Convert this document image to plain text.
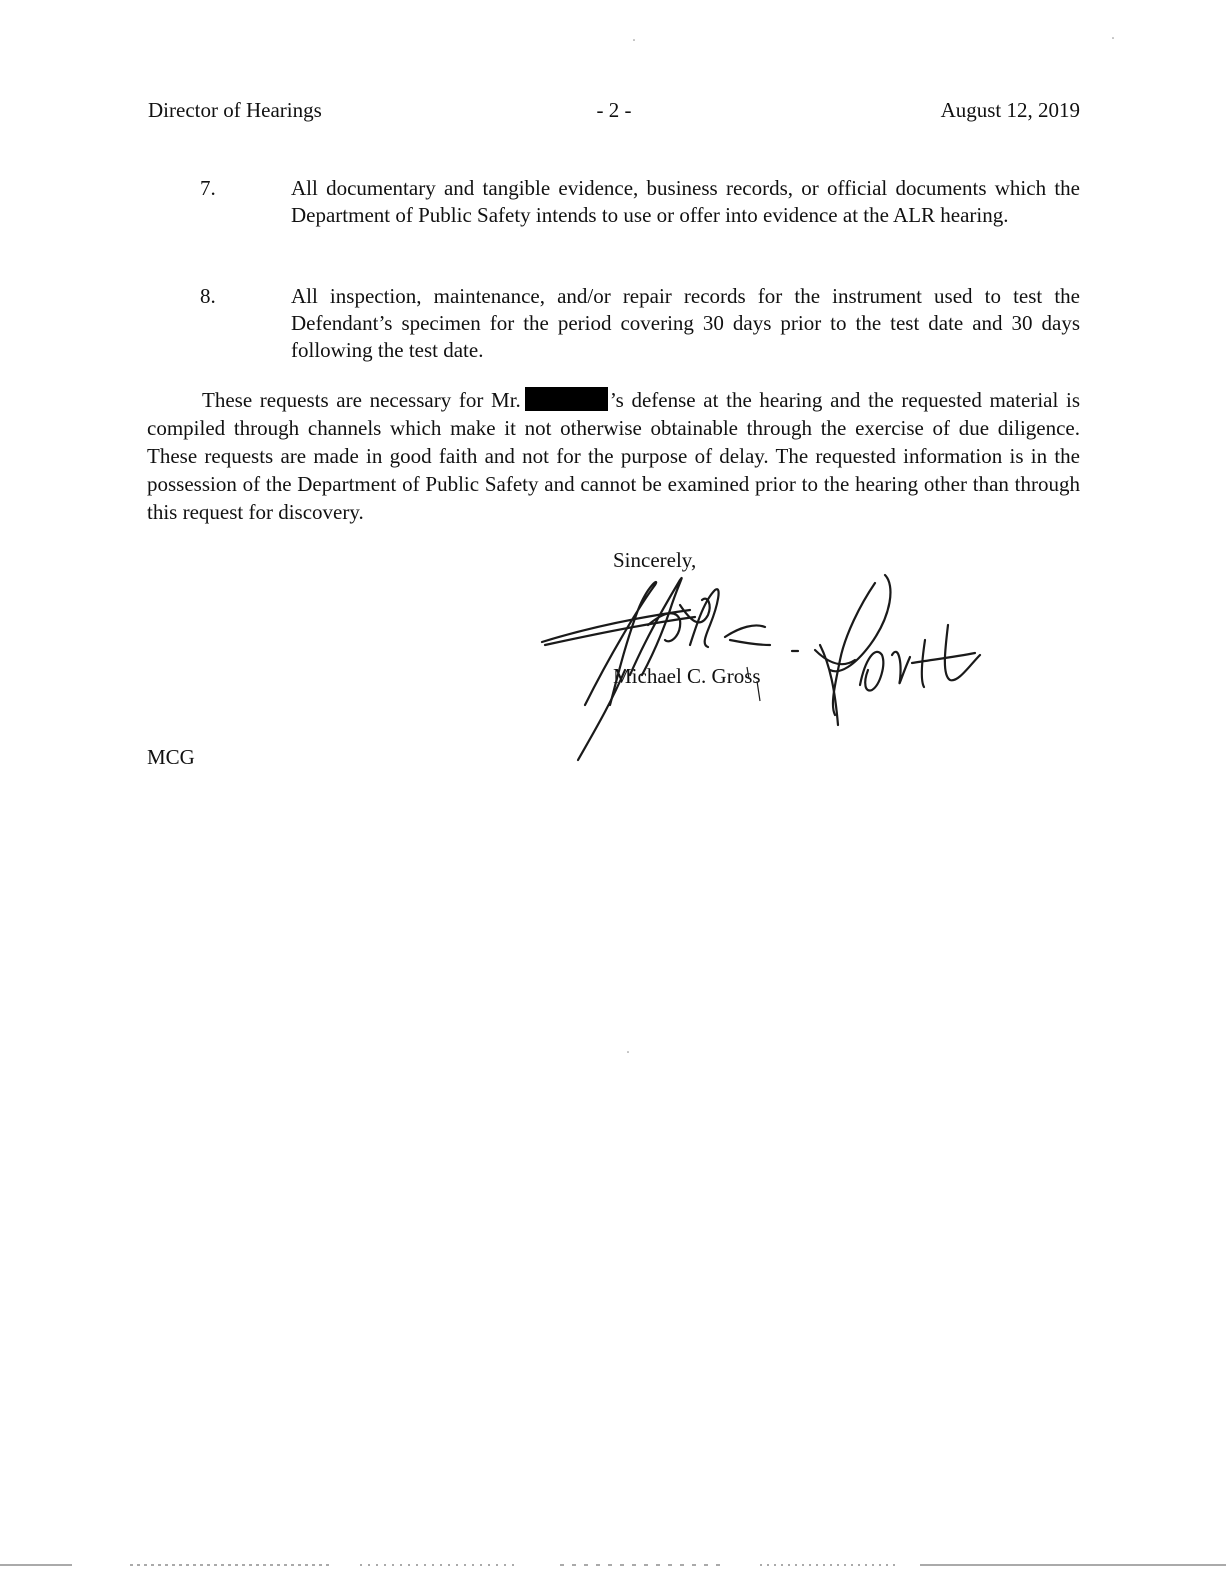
Director of Hearings	- 2 -	August 12, 2019
7.	All documentary and tangible evidence, business records, or official documents which the Department of Public Safety intends to use or offer into evidence at the ALR hearing.
8.	All inspection, maintenance, and/or repair records for the instrument used to test the Defendant’s specimen for the period covering 30 days prior to the test date and 30 days following the test date.

These requests are necessary for Mr.	’s defense at the hearing and the requested material is compiled through channels which make it not otherwise obtainable through the exercise of due diligence. These requests are made in good faith and not for the purpose of delay. The requested information is in the possession of the Department of Public Safety and cannot be examined prior to the hearing other than through this request for discovery.

Sincerely,
Michael C. Gross
MCG
